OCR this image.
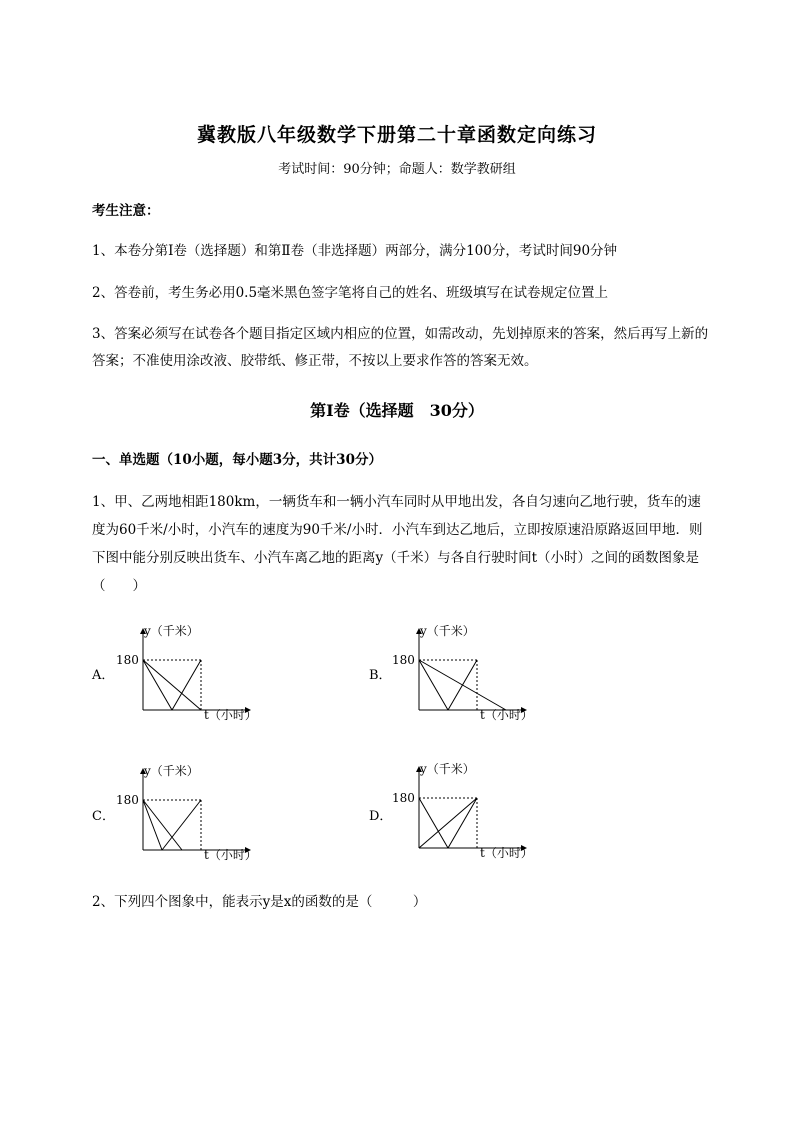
冀教版八年级数学下册第二十章函数定向练习
考试时间：90分钟；命题人：数学教研组
考生注意：
1、本卷分第I卷（选择题）和第Ⅱ卷（非选择题）两部分，满分100分，考试时间90分钟
2、答卷前，考生务必用0.5毫米黑色签字笔将自己的姓名、班级填写在试卷规定位置上
3、答案必须写在试卷各个题目指定区域内相应的位置，如需改动，先划掉原来的答案，然后再写上新的答案；不准使用涂改液、胶带纸、修正带，不按以上要求作答的答案无效。
第I卷（选择题　30分）
一、单选题（10小题，每小题3分，共计30分）
1、甲、乙两地相距180km，一辆货车和一辆小汽车同时从甲地出发，各自匀速向乙地行驶，货车的速度为60千米/小时，小汽车的速度为90千米/小时．小汽车到达乙地后，立即按原速沿原路返回甲地．则下图中能分别反映出货车、小汽车离乙地的距离y（千米）与各自行驶时间t（小时）之间的函数图象是（　　）
A．
y（千米）
180
t（小时）
B．
y（千米）
180
t（小时）
C．
y（千米）
180
t（小时）
D．
y（千米）
180
t（小时）
2、下列四个图象中，能表示y是x的函数的是（　　　）
